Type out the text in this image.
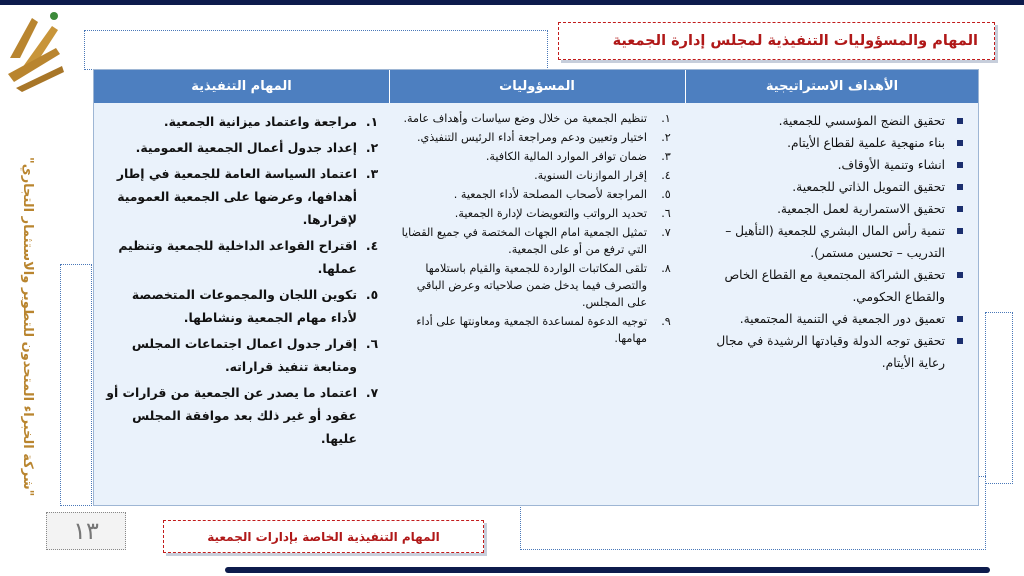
"شركة الخبراء المتحدون للتطوير والاستثمار التجاري"
المهام والمسؤوليات التنفيذية لمجلس إدارة الجمعية
الأهداف الاستراتيجية
المسؤوليات
المهام التنفيذية
تحقيق النضج المؤسسي للجمعية.
بناء منهجية علمية لقطاع الأيتام.
انشاء وتنمية الأوقاف.
تحقيق التمويل الذاتي للجمعية.
تحقيق الاستمرارية لعمل الجمعية.
تنمية رأس المال البشري للجمعية (التأهيل – التدريب – تحسين مستمر).
تحقيق الشراكة المجتمعية مع القطاع الخاص والقطاع الحكومي.
تعميق دور الجمعية في التنمية المجتمعية.
تحقيق توجه الدولة وقيادتها الرشيدة في مجال رعاية الأيتام.
١.
تنظيم الجمعية من خلال وضع سياسات وأهداف عامة.
٢.
اختيار وتعيين ودعم ومراجعة أداء الرئيس التنفيذي.
٣.
ضمان توافر الموارد المالية الكافية.
٤.
إقرار الموازنات السنوية.
٥.
المراجعة لأصحاب المصلحة لأداء الجمعية .
٦.
تحديد الرواتب والتعويضات لإدارة الجمعية.
٧.
تمثيل الجمعية امام الجهات المختصة في جميع القضايا التي ترفع من أو على الجمعية.
٨.
تلقى المكاتبات الواردة للجمعية والقيام باستلامها والتصرف فيما يدخل ضمن صلاحياته وعرض الباقي على المجلس.
٩.
توجيه الدعوة لمساعدة الجمعية ومعاونتها على أداء مهامها.
١.
مراجعة واعتماد ميزانية الجمعية.
٢.
إعداد جدول أعمال الجمعية العمومية.
٣.
اعتماد السياسة العامة للجمعية في إطار أهدافها، وعرضها على الجمعية العمومية لإقرارها.
٤.
اقتراح القواعد الداخلية للجمعية وتنظيم عملها.
٥.
تكوين اللجان والمجموعات المتخصصة لأداء مهام الجمعية ونشاطها.
٦.
إقرار جدول اعمال اجتماعات المجلس ومتابعة تنفيذ قراراته.
٧.
اعتماد ما يصدر عن الجمعية من قرارات أو عقود أو غير ذلك بعد موافقة المجلس عليها.
١٣	المهام التنفيذية الخاصة بإدارات الجمعية
